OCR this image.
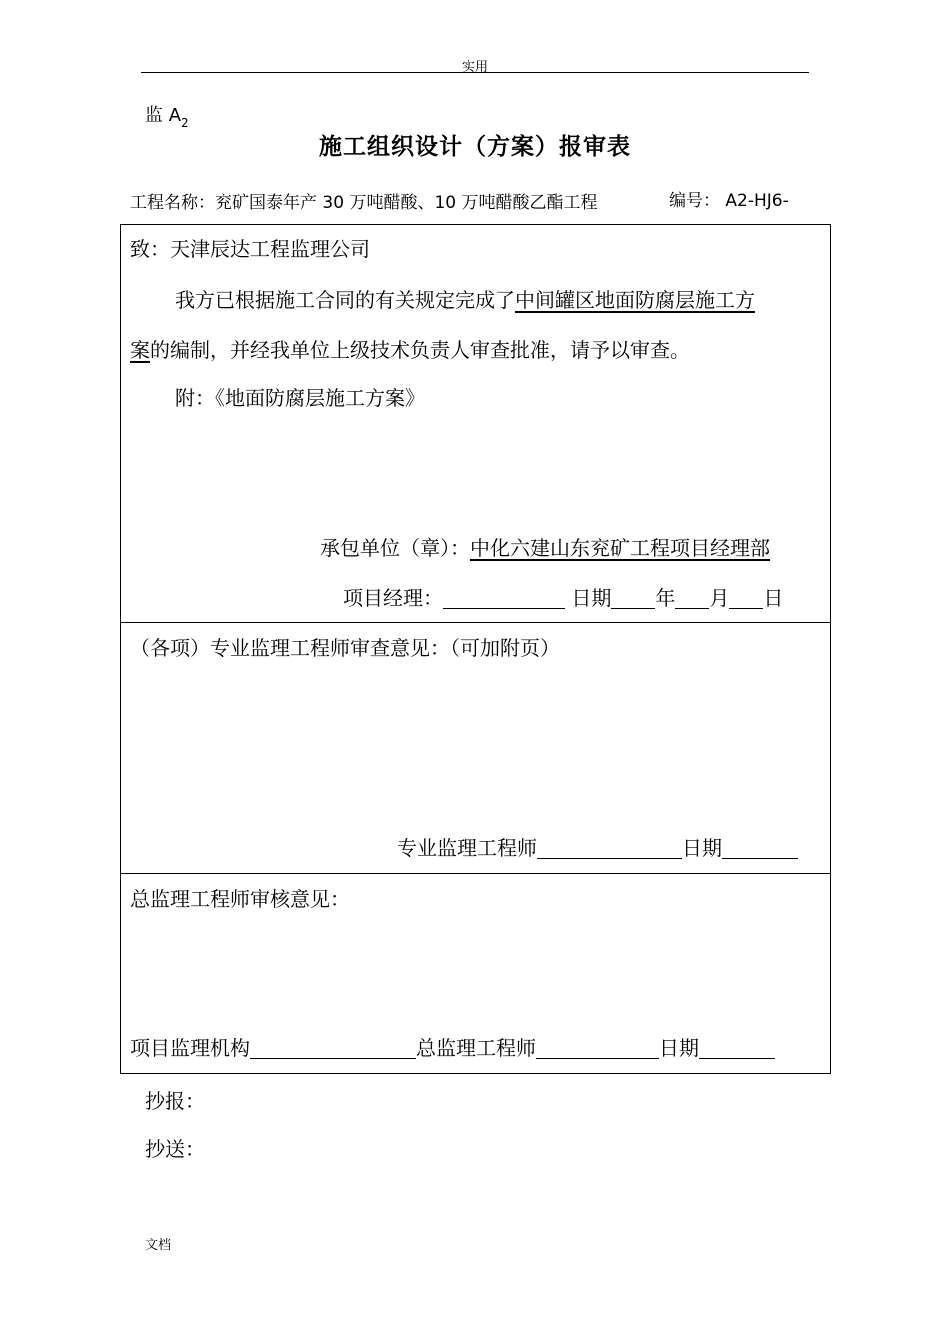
实用
监 $A_2$
施工组织设计（方案）报审表
工程名称：兖矿国泰年产 30 万吨醋酸、10 万吨醋酸乙酯工程	编号： A2-HJ6-
致：天津辰达工程监理公司
我方已根据施工合同的有关规定完成了中间罐区地面防腐层施工方
案的编制，并经我单位上级技术负责人审查批准，请予以审查。
附：《地面防腐层施工方案》
承包单位（章）：中化六建山东兖矿工程项目经理部
项目经理：	日期 年 月 日
（各项）专业监理工程师审查意见：（可加附页）
专业监理工程师	日期
总监理工程师审核意见：
项目监理机构	总监理工程师	日期
抄报：
抄送：
文档
